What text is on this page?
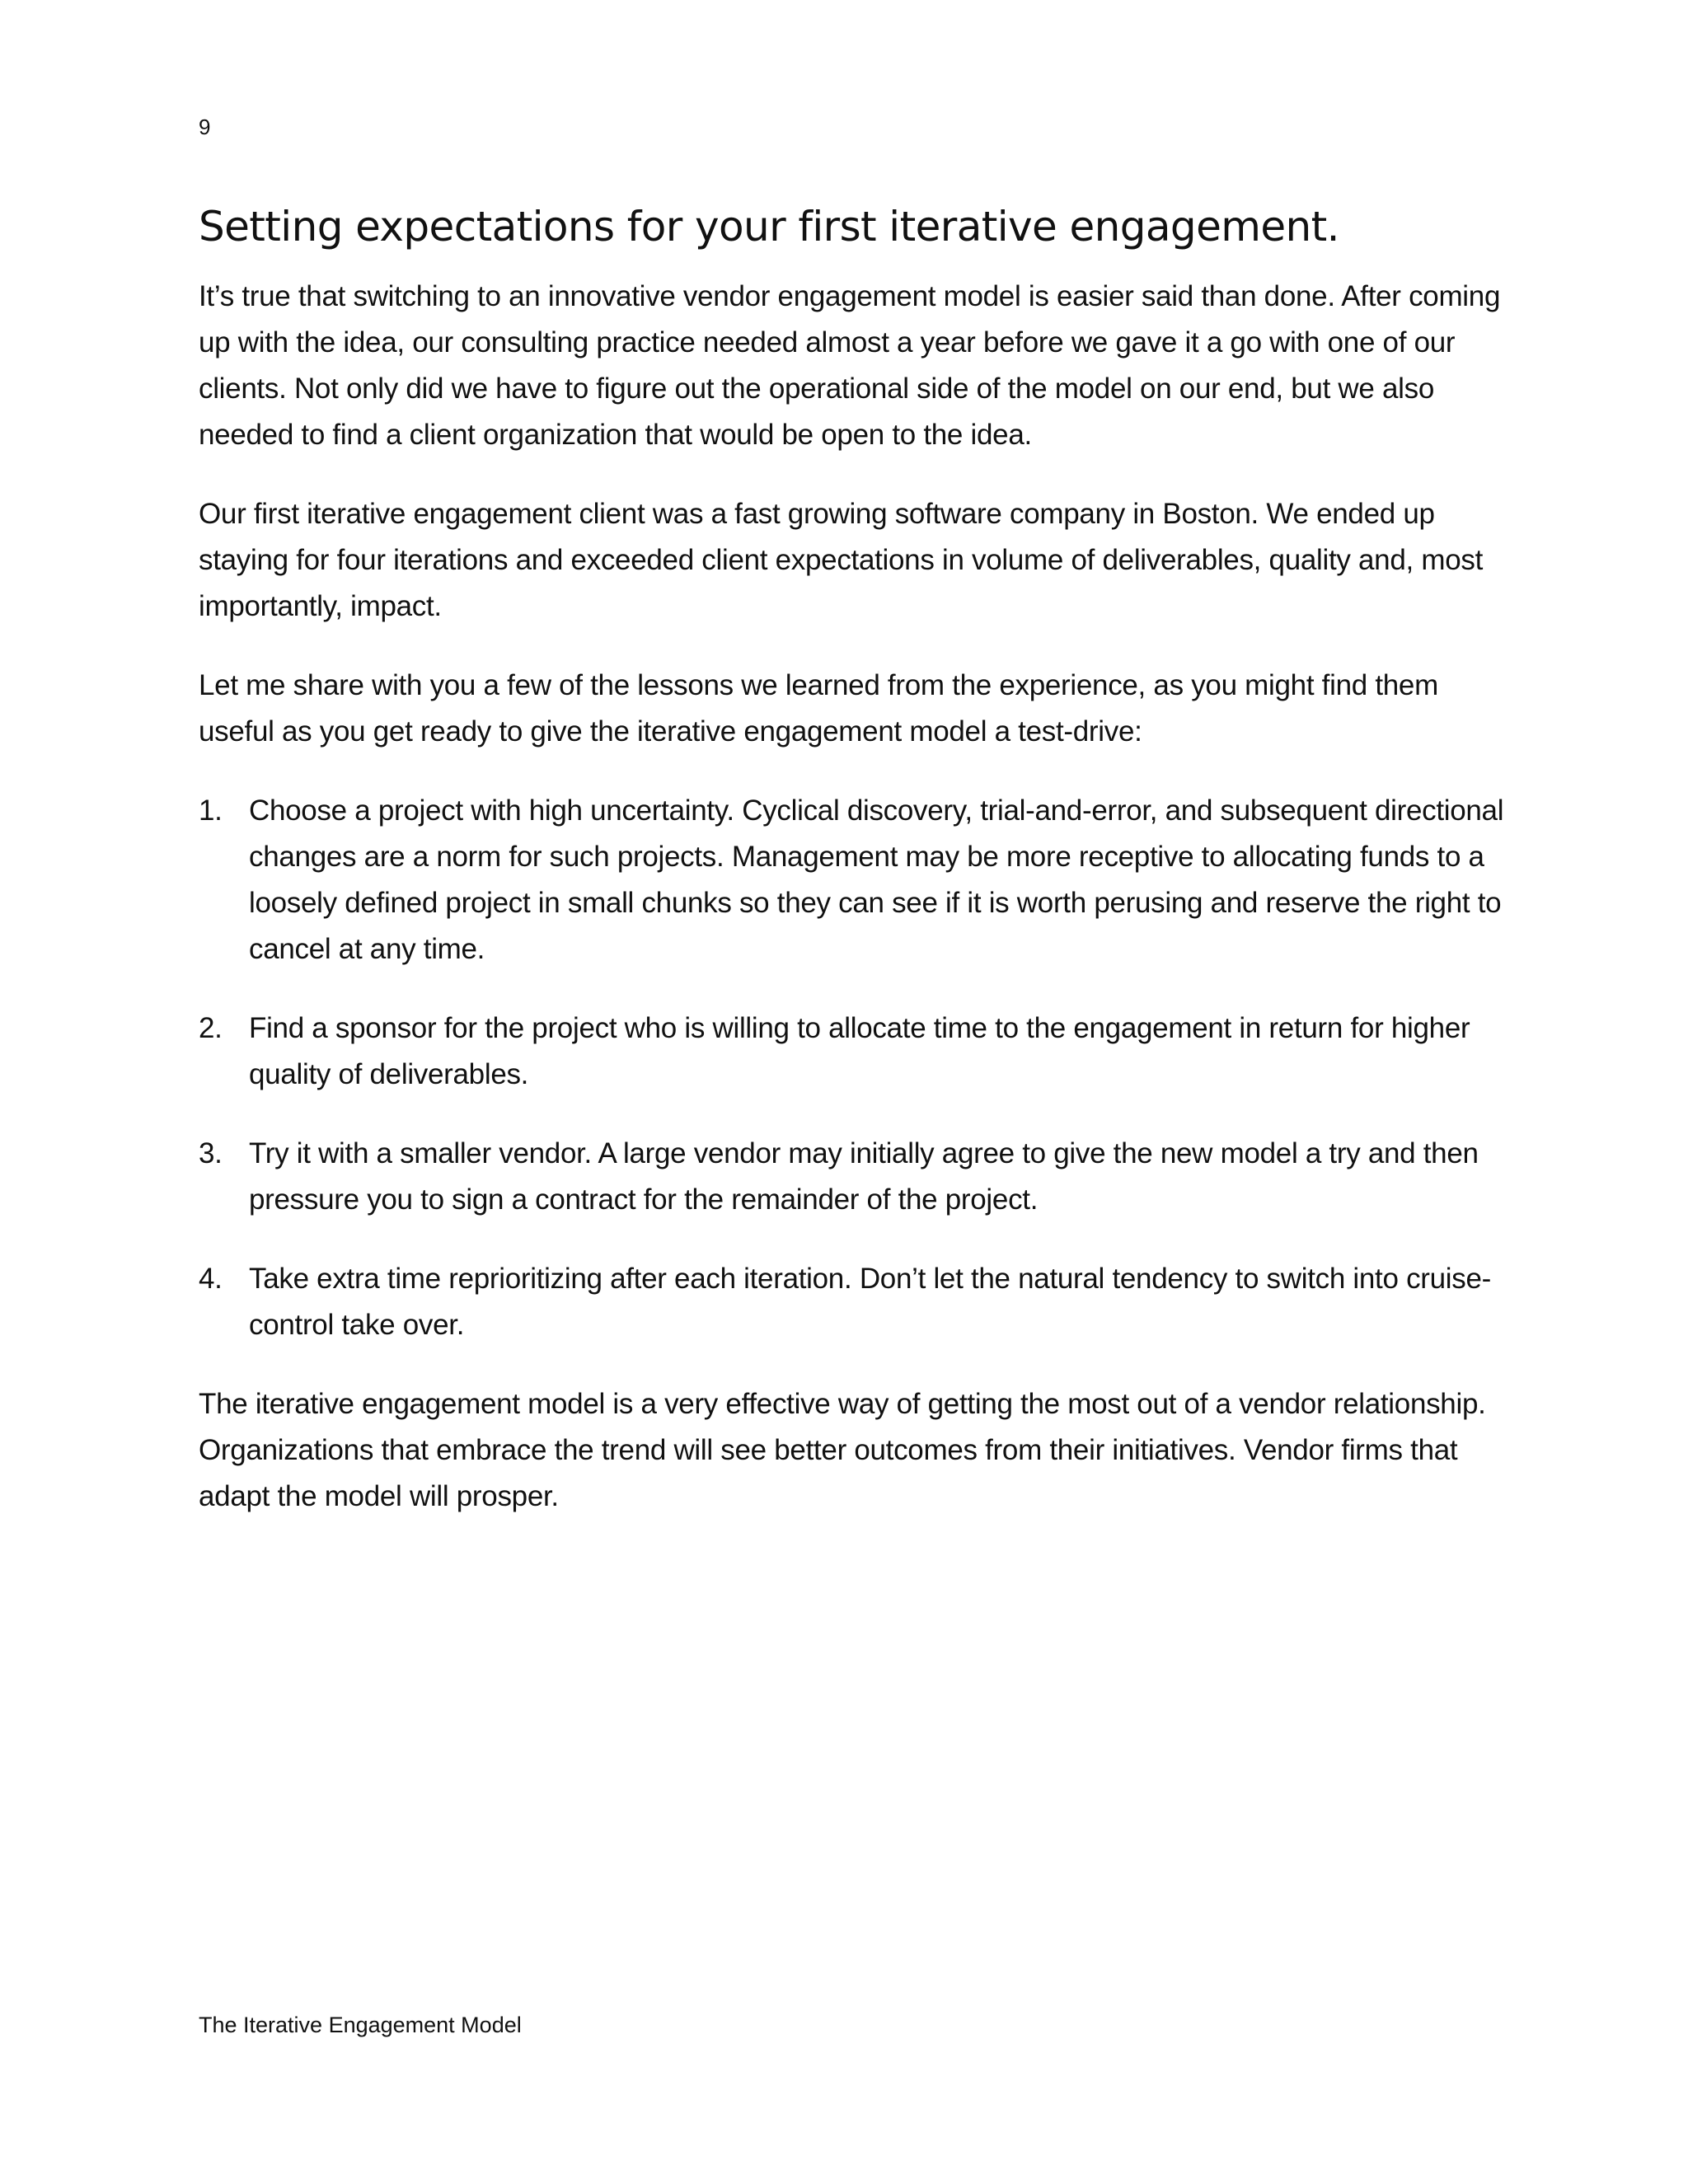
9

Setting expectations for your first iterative engagement.

It’s true that switching to an innovative vendor engagement model is easier said than done. After coming up with the idea, our consulting practice needed almost a year before we gave it a go with one of our clients. Not only did we have to figure out the operational side of the model on our end, but we also needed to find a client organization that would be open to the idea.

Our first iterative engagement client was a fast growing software company in Boston. We ended up staying for four iterations and exceeded client expectations in volume of deliverables, quality and, most importantly, impact.

Let me share with you a few of the lessons we learned from the experience, as you might find them useful as you get ready to give the iterative engagement model a test-drive:

1. Choose a project with high uncertainty. Cyclical discovery, trial-and-error, and subsequent directional changes are a norm for such projects. Management may be more receptive to allocating funds to a loosely defined project in small chunks so they can see if it is worth perusing and reserve the right to cancel at any time.
2. Find a sponsor for the project who is willing to allocate time to the engagement in return for higher quality of deliverables.
3. Try it with a smaller vendor. A large vendor may initially agree to give the new model a try and then pressure you to sign a contract for the remainder of the project.
4. Take extra time reprioritizing after each iteration. Don’t let the natural tendency to switch into cruise-control take over.

The iterative engagement model is a very effective way of getting the most out of a vendor relationship. Organizations that embrace the trend will see better outcomes from their initiatives. Vendor firms that adapt the model will prosper.

The Iterative Engagement Model
